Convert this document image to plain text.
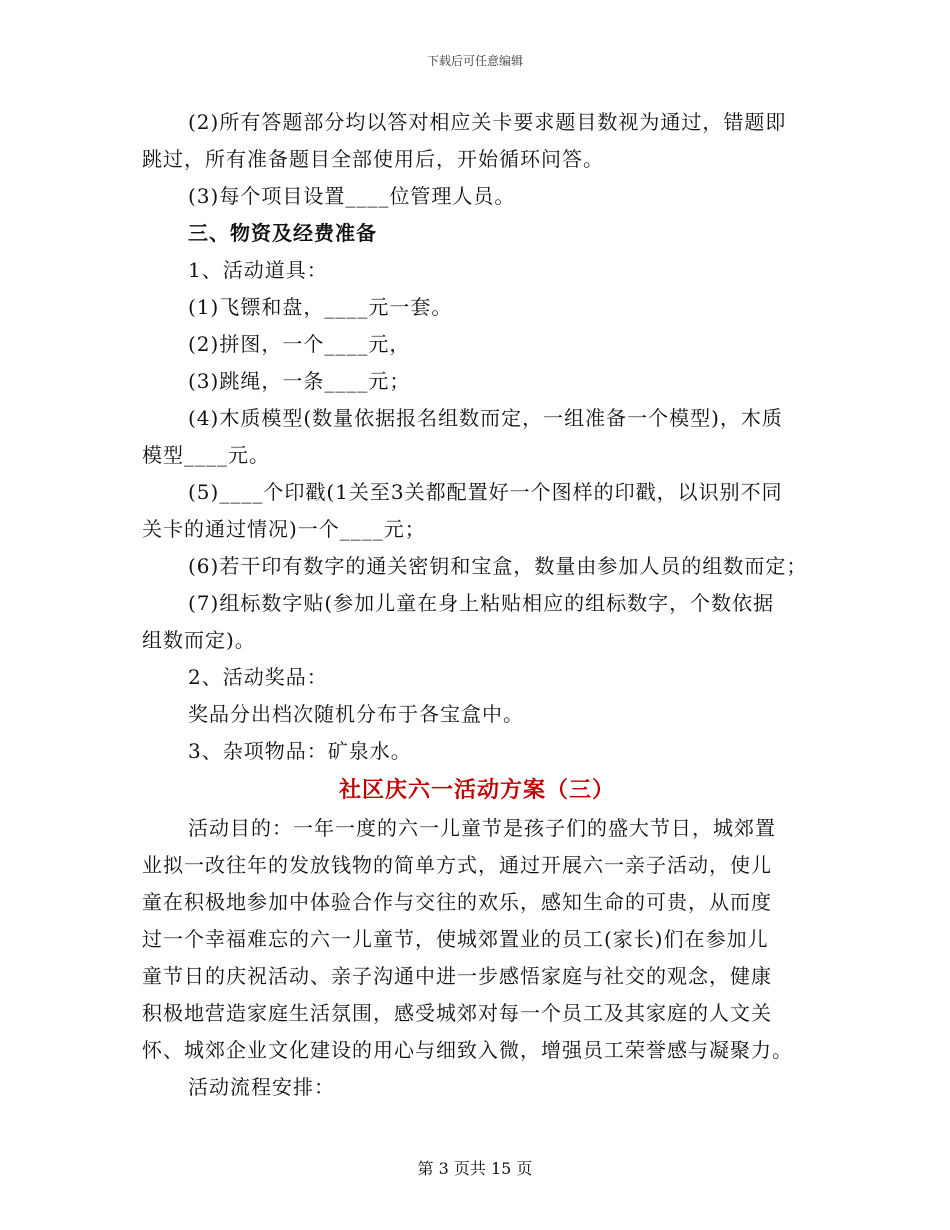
下载后可任意编辑

(2)所有答题部分均以答对相应关卡要求题目数视为通过，错题即

跳过，所有准备题目全部使用后，开始循环问答。

(3)每个项目设置____位管理人员。

三、物资及经费准备

1、活动道具：

(1)飞镖和盘，____元一套。

(2)拼图，一个____元，

(3)跳绳，一条____元；

(4)木质模型(数量依据报名组数而定，一组准备一个模型)，木质

模型____元。

(5)____个印戳(1关至3关都配置好一个图样的印戳，以识别不同

关卡的通过情况)一个____元；

(6)若干印有数字的通关密钥和宝盒，数量由参加人员的组数而定；

(7)组标数字贴(参加儿童在身上粘贴相应的组标数字，个数依据

组数而定)。

2、活动奖品：

奖品分出档次随机分布于各宝盒中。

3、杂项物品：矿泉水。

社区庆六一活动方案（三）

活动目的：一年一度的六一儿童节是孩子们的盛大节日，城郊置

业拟一改往年的发放钱物的简单方式，通过开展六一亲子活动，使儿

童在积极地参加中体验合作与交往的欢乐，感知生命的可贵，从而度

过一个幸福难忘的六一儿童节，使城郊置业的员工(家长)们在参加儿

童节日的庆祝活动、亲子沟通中进一步感悟家庭与社交的观念，健康

积极地营造家庭生活氛围，感受城郊对每一个员工及其家庭的人文关

怀、城郊企业文化建设的用心与细致入微，增强员工荣誉感与凝聚力。

活动流程安排：

第 3 页共 15 页
